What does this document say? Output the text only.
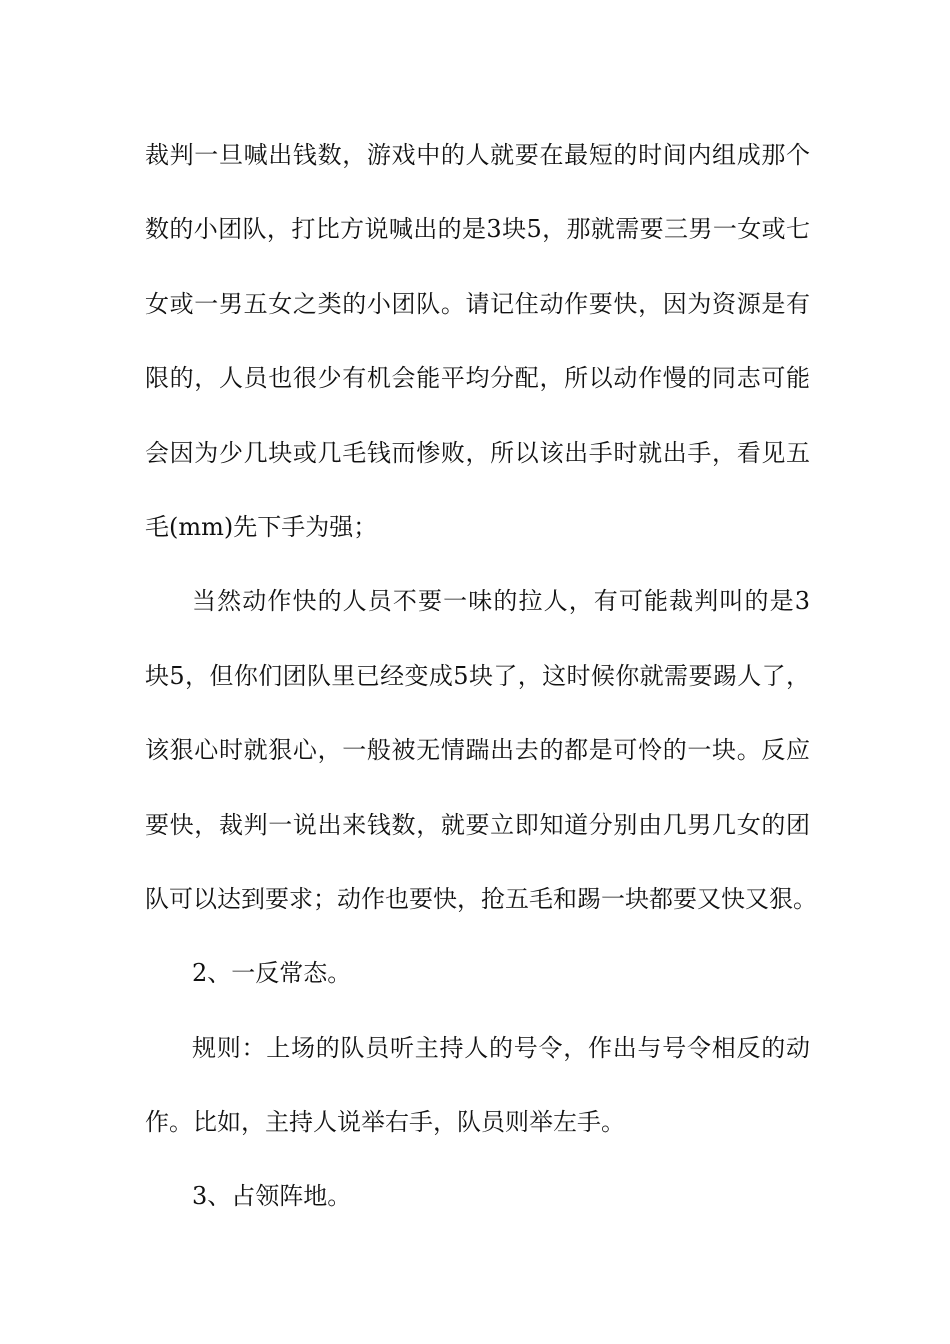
裁判一旦喊出钱数，游戏中的人就要在最短的时间内组成那个
数的小团队，打比方说喊出的是3块5，那就需要三男一女或七
女或一男五女之类的小团队。请记住动作要快，因为资源是有
限的，人员也很少有机会能平均分配，所以动作慢的同志可能
会因为少几块或几毛钱而惨败，所以该出手时就出手，看见五
毛(mm)先下手为强；
当然动作快的人员不要一味的拉人，有可能裁判叫的是3
块5，但你们团队里已经变成5块了，这时候你就需要踢人了，
该狠心时就狠心，一般被无情踹出去的都是可怜的一块。反应
要快，裁判一说出来钱数，就要立即知道分别由几男几女的团
队可以达到要求；动作也要快，抢五毛和踢一块都要又快又狠。
2、一反常态。
规则：上场的队员听主持人的号令，作出与号令相反的动
作。比如，主持人说举右手，队员则举左手。
3、占领阵地。
